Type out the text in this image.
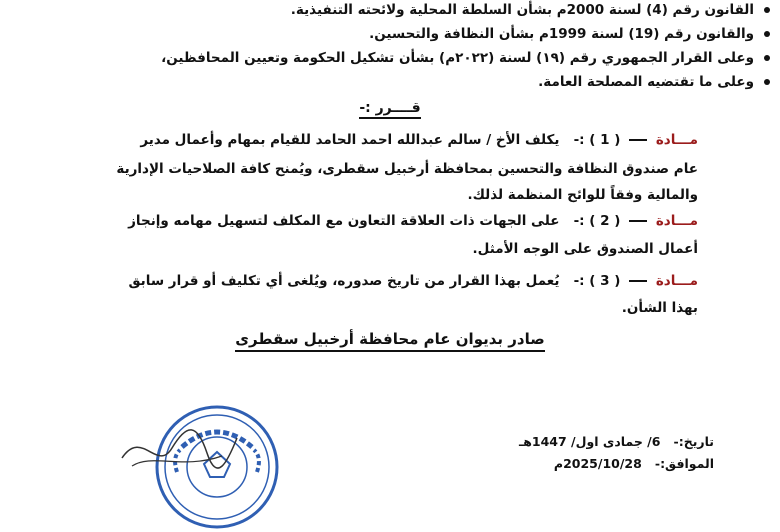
القانون رقم (4) لسنة 2000م بشأن السلطة المحلية ولائحته التنفيذية.
والقانون رقم (19) لسنة 1999م بشأن النظافة والتحسين.
وعلى القرار الجمهوري رقم (١٩) لسنة (٢٠٢٢م) بشأن تشكيل الحكومة وتعيين المحافظين،
وعلى ما تقتضيه المصلحة العامة.
قــــرر :-
مـــادة  ( 1 ) :-   يكلف الأخ / سالم عبدالله احمد الحامد للقيام بمهام وأعمال مدير
عام صندوق النظافة والتحسين بمحافظة أرخبيل سقطرى، ويُمنح كافة الصلاحيات الإدارية
والمالية وفقاً للوائح المنظمة لذلك.
مـــادة  ( 2 ) :-   على الجهات ذات العلاقة التعاون مع المكلف لتسهيل مهامه وإنجاز
أعمال الصندوق على الوجه الأمثل.
مـــادة  ( 3 ) :-   يُعمل بهذا القرار من تاريخ صدوره، ويُلغى أي تكليف أو قرار سابق
بهذا الشأن.
صادر بديوان عام محافظة أرخبيل سقطرى
تاريخ:-   6/ جمادى اول/ 1447هـ
الموافق:-   2025/10/28م
